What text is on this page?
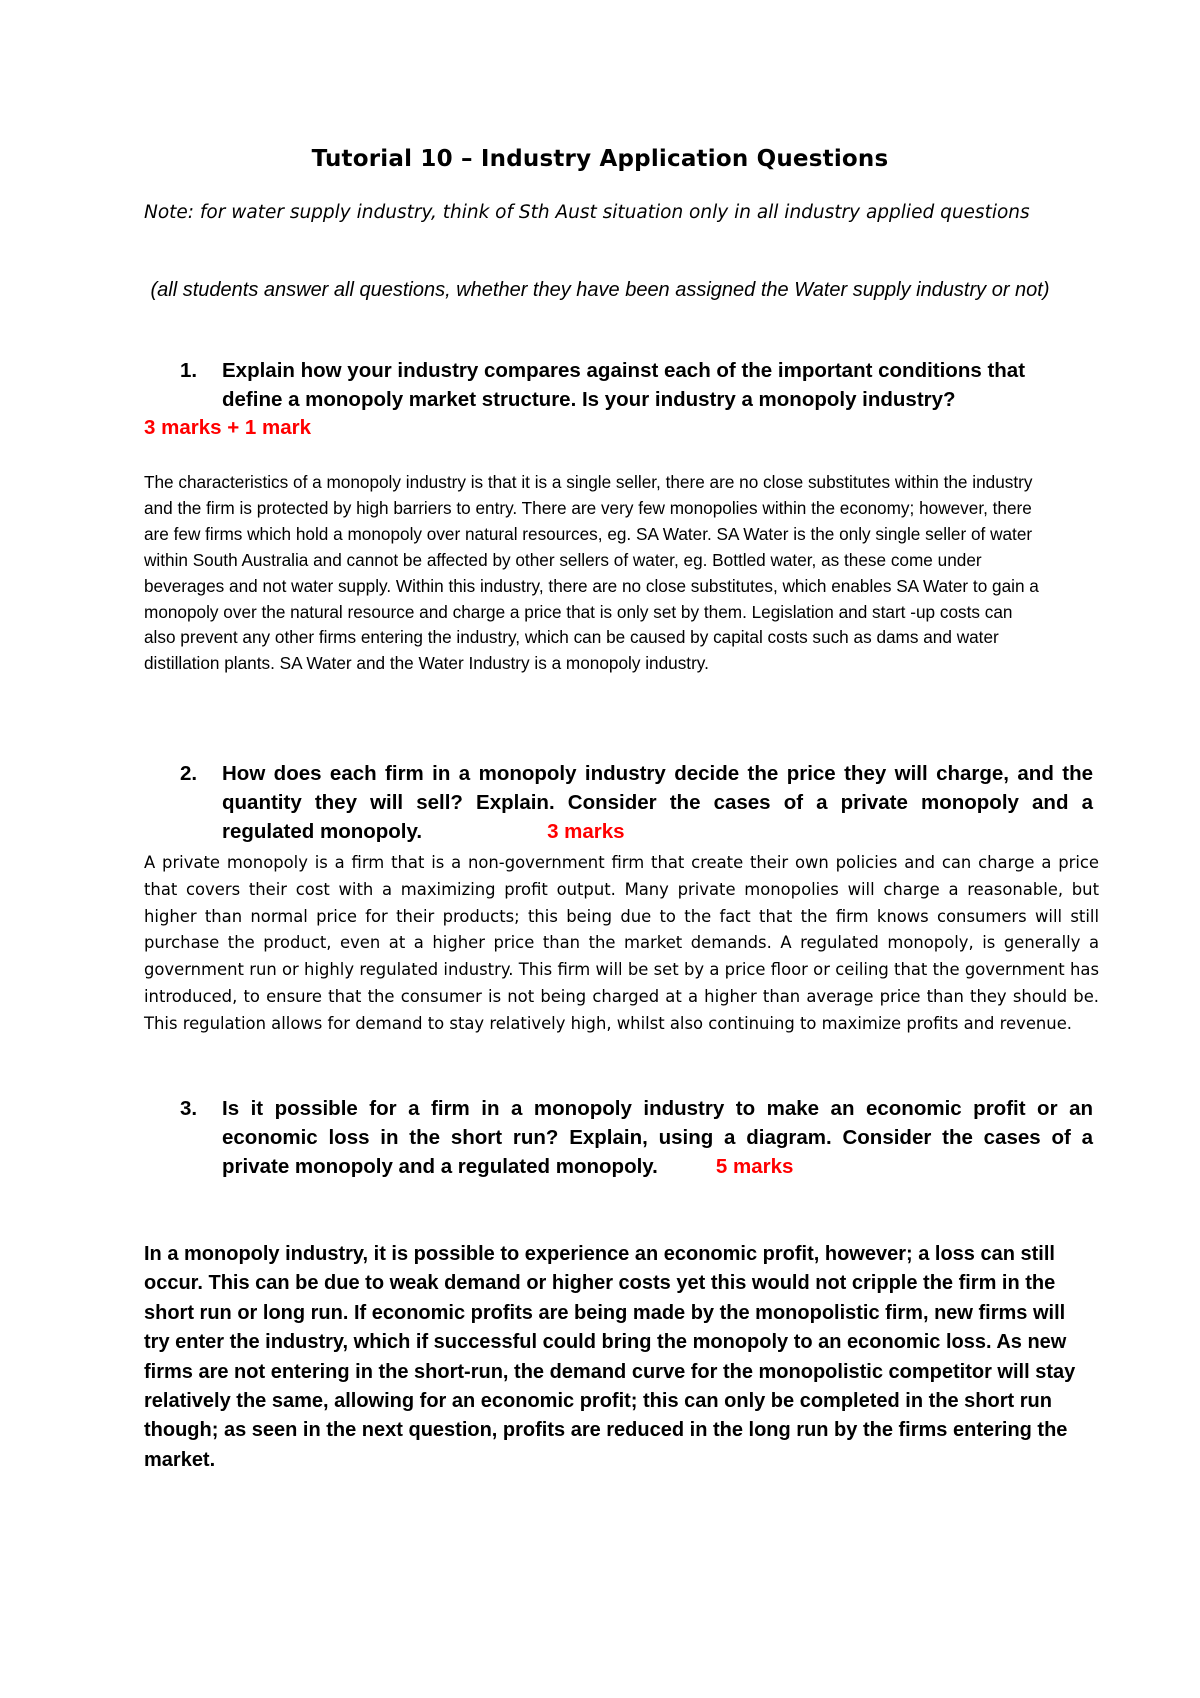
Tutorial 10 – Industry Application Questions
Note: for water supply industry, think of Sth Aust situation only in all industry applied questions
(all students answer all questions, whether they have been assigned the Water supply industry or not)
1. Explain how your industry compares against each of the important conditions that define a monopoly market structure. Is your industry a monopoly industry?
3 marks + 1 mark
The characteristics of a monopoly industry is that it is a single seller, there are no close substitutes within the industry and the firm is protected by high barriers to entry. There are very few monopolies within the economy; however, there are few firms which hold a monopoly over natural resources, eg. SA Water. SA Water is the only single seller of water within South Australia and cannot be affected by other sellers of water, eg. Bottled water, as these come under beverages and not water supply. Within this industry, there are no close substitutes, which enables SA Water to gain a monopoly over the natural resource and charge a price that is only set by them. Legislation and start -up costs can also prevent any other firms entering the industry, which can be caused by capital costs such as dams and water distillation plants. SA Water and the Water Industry is a monopoly industry.
2. How does each firm in a monopoly industry decide the price they will charge, and the quantity they will sell? Explain. Consider the cases of a private monopoly and a regulated monopoly.	3 marks
A private monopoly is a firm that is a non-government firm that create their own policies and can charge a price that covers their cost with a maximizing profit output. Many private monopolies will charge a reasonable, but higher than normal price for their products; this being due to the fact that the firm knows consumers will still purchase the product, even at a higher price than the market demands. A regulated monopoly, is generally a government run or highly regulated industry. This firm will be set by a price floor or ceiling that the government has introduced, to ensure that the consumer is not being charged at a higher than average price than they should be. This regulation allows for demand to stay relatively high, whilst also continuing to maximize profits and revenue.
3. Is it possible for a firm in a monopoly industry to make an economic profit or an economic loss in the short run? Explain, using a diagram. Consider the cases of a private monopoly and a regulated monopoly.	5 marks
In a monopoly industry, it is possible to experience an economic profit, however; a loss can still occur. This can be due to weak demand or higher costs yet this would not cripple the firm in the short run or long run. If economic profits are being made by the monopolistic firm, new firms will try enter the industry, which if successful could bring the monopoly to an economic loss. As new firms are not entering in the short-run, the demand curve for the monopolistic competitor will stay relatively the same, allowing for an economic profit; this can only be completed in the short run though; as seen in the next question, profits are reduced in the long run by the firms entering the market.
